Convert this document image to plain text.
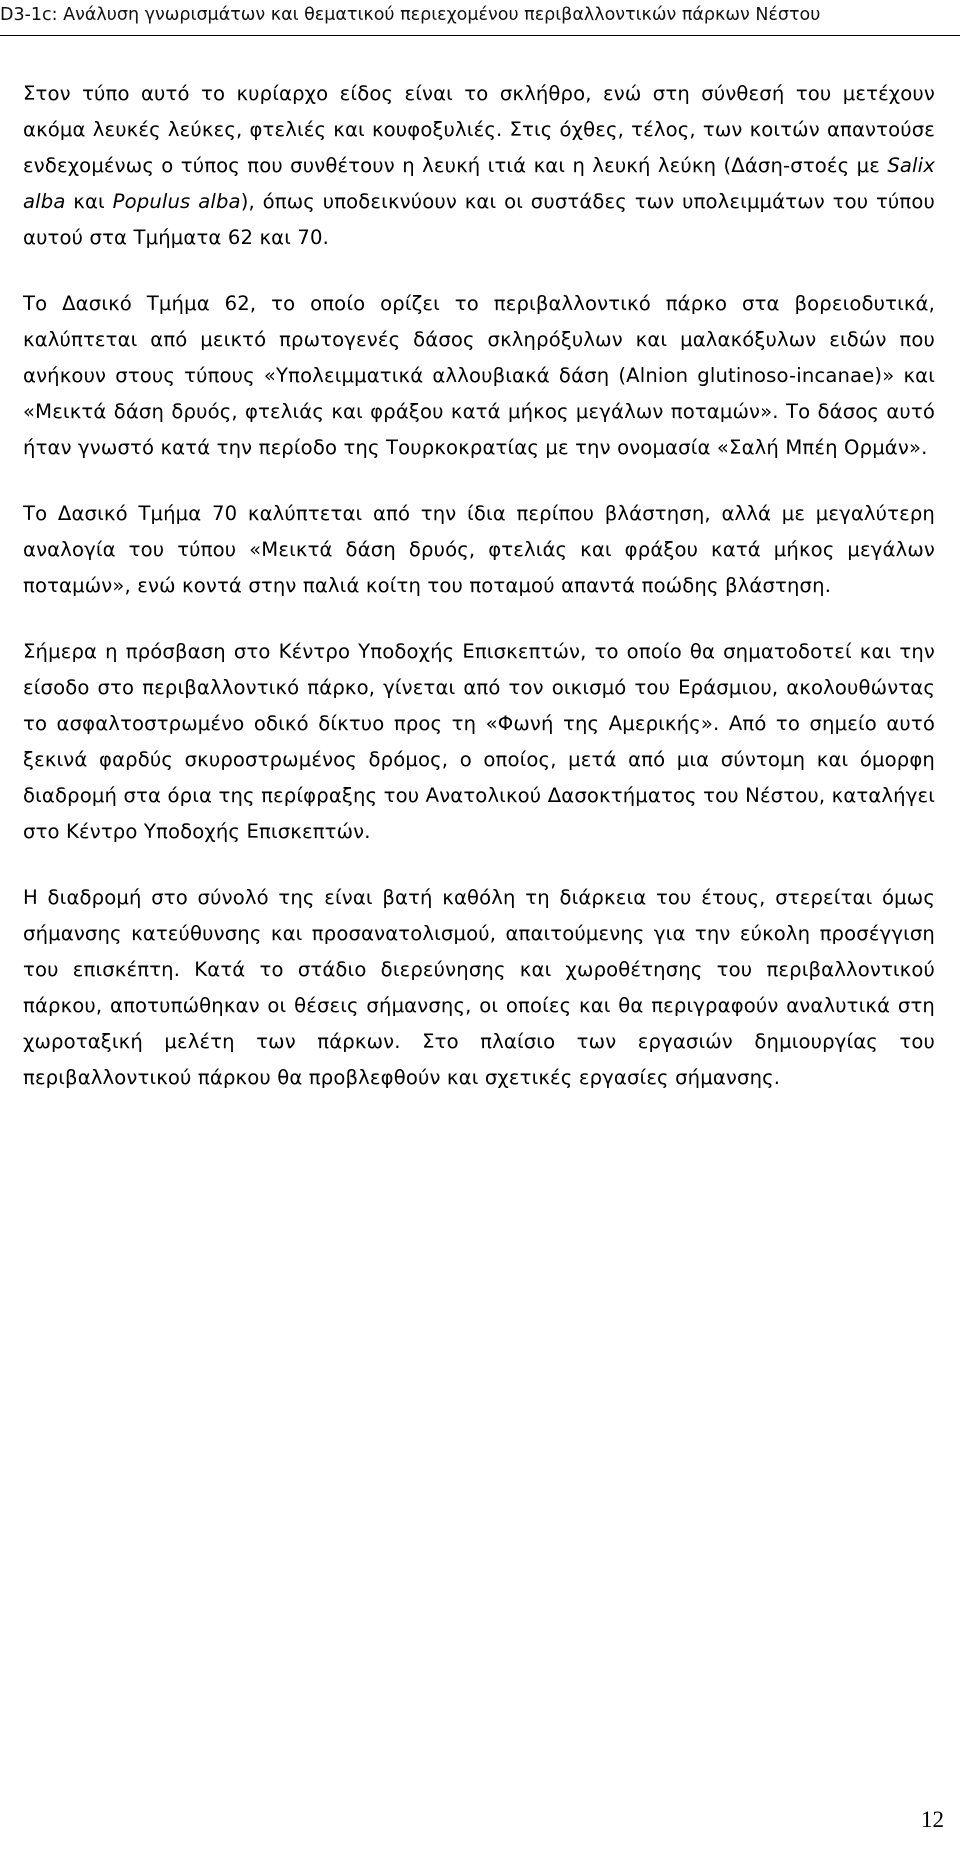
D3-1c: Ανάλυση γνωρισμάτων και θεματικού περιεχομένου περιβαλλοντικών πάρκων Νέστου

Στον τύπο αυτό το κυρίαρχο είδος είναι το σκλήθρο, ενώ στη σύνθεσή του μετέχουν ακόμα λευκές λεύκες, φτελιές και κουφοξυλιές. Στις όχθες, τέλος, των κοιτών απαντούσε ενδεχομένως ο τύπος που συνθέτουν η λευκή ιτιά και η λευκή λεύκη (Δάση-στοές με Salix alba και Populus alba), όπως υποδεικνύουν και οι συστάδες των υπολειμμάτων του τύπου αυτού στα Τμήματα 62 και 70.

Το Δασικό Τμήμα 62, το οποίο ορίζει το περιβαλλοντικό πάρκο στα βορειοδυτικά, καλύπτεται από μεικτό πρωτογενές δάσος σκληρόξυλων και μαλακόξυλων ειδών που ανήκουν στους τύπους «Υπολειμματικά αλλουβιακά δάση (Alnion glutinoso-incanae)» και «Μεικτά δάση δρυός, φτελιάς και φράξου κατά μήκος μεγάλων ποταμών». Το δάσος αυτό ήταν γνωστό κατά την περίοδο της Τουρκοκρατίας με την ονομασία «Σαλή Μπέη Ορμάν».

Το Δασικό Τμήμα 70 καλύπτεται από την ίδια περίπου βλάστηση, αλλά με μεγαλύτερη αναλογία του τύπου «Μεικτά δάση δρυός, φτελιάς και φράξου κατά μήκος μεγάλων ποταμών», ενώ κοντά στην παλιά κοίτη του ποταμού απαντά ποώδης βλάστηση.

Σήμερα η πρόσβαση στο Κέντρο Υποδοχής Επισκεπτών, το οποίο θα σηματοδοτεί και την είσοδο στο περιβαλλοντικό πάρκο, γίνεται από τον οικισμό του Εράσμιου, ακολουθώντας το ασφαλτοστρωμένο οδικό δίκτυο προς τη «Φωνή της Αμερικής». Από το σημείο αυτό ξεκινά φαρδύς σκυροστρωμένος δρόμος, ο οποίος, μετά από μια σύντομη και όμορφη διαδρομή στα όρια της περίφραξης του Ανατολικού Δασοκτήματος του Νέστου, καταλήγει στο Κέντρο Υποδοχής Επισκεπτών.

Η διαδρομή στο σύνολό της είναι βατή καθόλη τη διάρκεια του έτους, στερείται όμως σήμανσης κατεύθυνσης και προσανατολισμού, απαιτούμενης για την εύκολη προσέγγιση του επισκέπτη. Κατά το στάδιο διερεύνησης και χωροθέτησης του περιβαλλοντικού πάρκου, αποτυπώθηκαν οι θέσεις σήμανσης, οι οποίες και θα περιγραφούν αναλυτικά στη χωροταξική μελέτη των πάρκων. Στο πλαίσιο των εργασιών δημιουργίας του περιβαλλοντικού πάρκου θα προβλεφθούν και σχετικές εργασίες σήμανσης.

12
